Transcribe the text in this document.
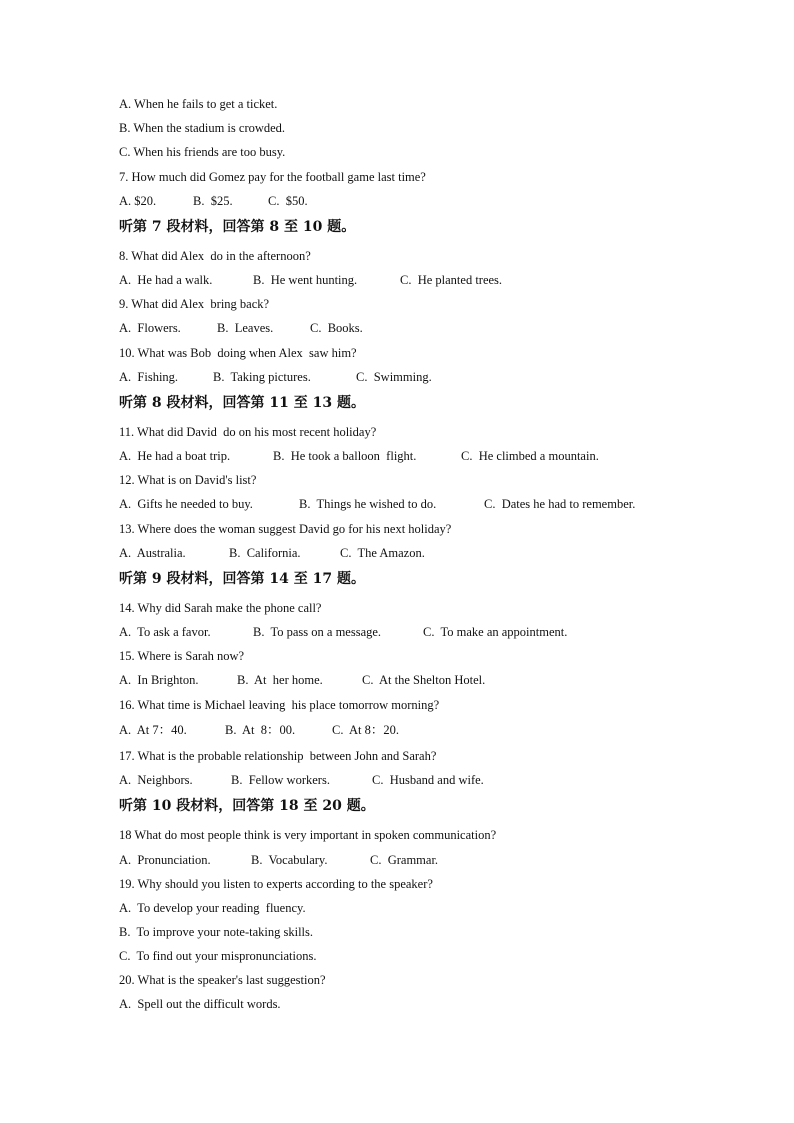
A. When he fails to get a ticket.
B. When the stadium is crowded.
C. When his friends are too busy.
7. How much did Gomez pay for the football game last time?
A. $20.	B.  $25.	C.  $50.
听第 7 段材料，回答第 8 至 10 题。
8. What did Alex  do in the afternoon?
A.  He had a walk.	B.  He went hunting.	C.  He planted trees.
9. What did Alex  bring back?
A.  Flowers.	B.  Leaves.	C.  Books.
10. What was Bob  doing when Alex  saw him?
A.  Fishing.	B.  Taking pictures.	C.  Swimming.
听第 8 段材料，回答第 11 至 13 题。
11. What did David  do on his most recent holiday?
A.  He had a boat trip.	B.  He took a balloon  flight.	C.  He climbed a mountain.
12. What is on David's list?
A.  Gifts he needed to buy.	B.  Things he wished to do.	C.  Dates he had to remember.
13. Where does the woman suggest David go for his next holiday?
A.  Australia.	B.  California.	C.  The Amazon.
听第 9 段材料，回答第 14 至 17 题。
14. Why did Sarah make the phone call?
A.  To ask a favor.	B.  To pass on a message.	C.  To make an appointment.
15. Where is Sarah now?
A.  In Brighton.	B.  At  her home.	C.  At the Shelton Hotel.
16. What time is Michael leaving  his place tomorrow morning?
A.  At 7：40.	B.  At  8：00.	C.  At 8：20.
17. What is the probable relationship  between John and Sarah?
A.  Neighbors.	B.  Fellow workers.	C.  Husband and wife.
听第 10 段材料，回答第 18 至 20 题。
18 What do most people think is very important in spoken communication?
A.  Pronunciation.	B.  Vocabulary.	C.  Grammar.
19. Why should you listen to experts according to the speaker?
A.  To develop your reading  fluency.
B.  To improve your note-taking skills.
C.  To find out your mispronunciations.
20. What is the speaker's last suggestion?
A.  Spell out the difficult words.
